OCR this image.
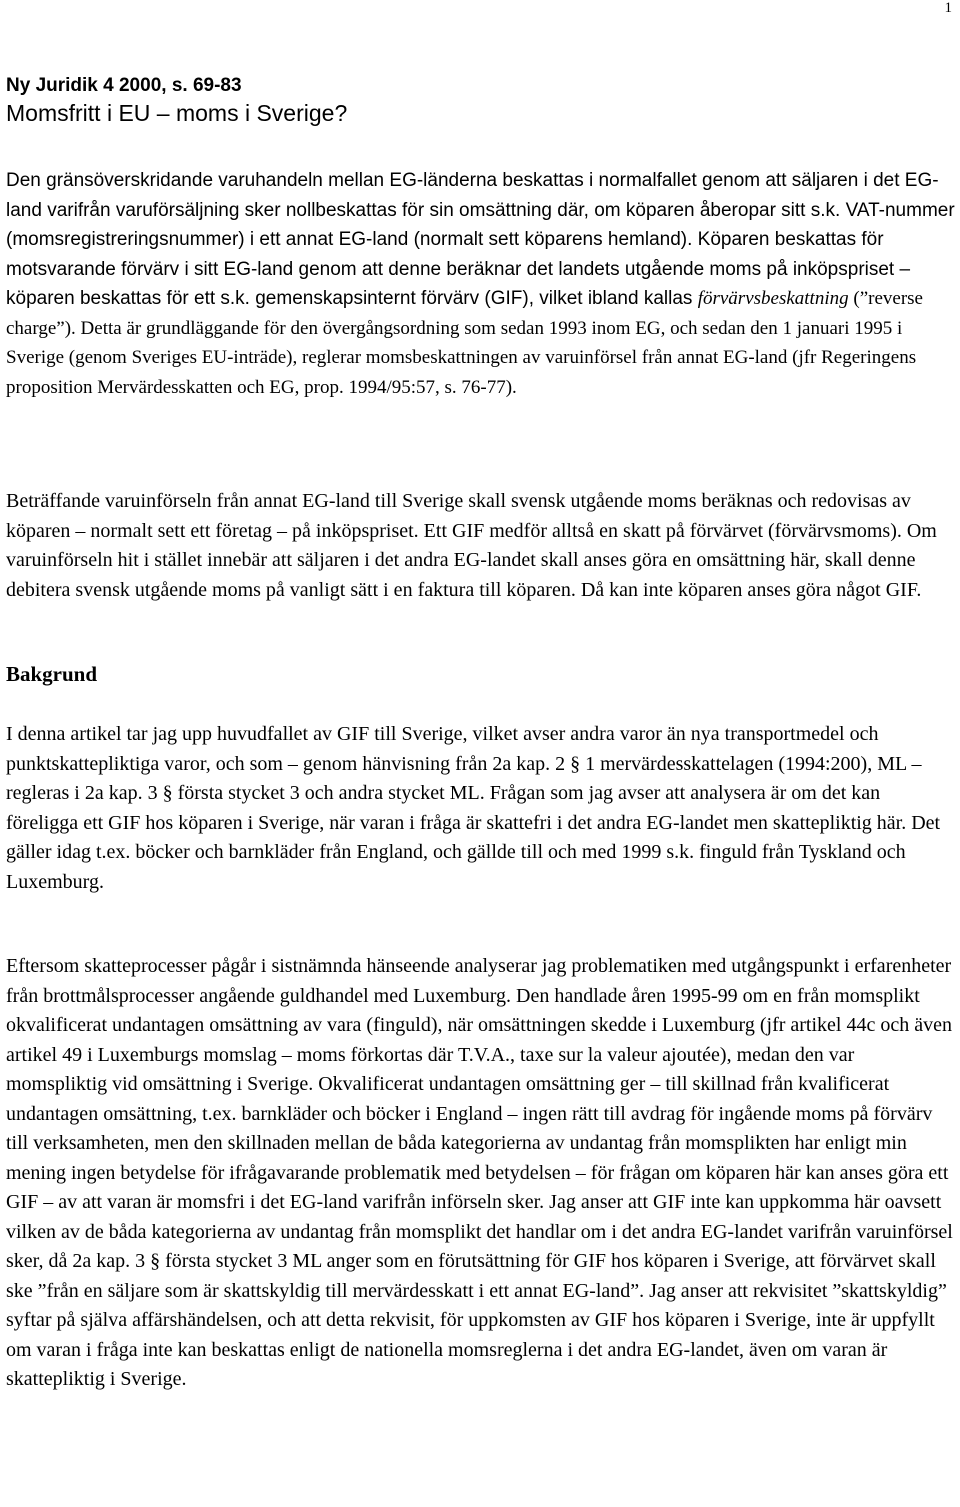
1
Ny Juridik 4 2000, s. 69-83
Momsfritt i EU – moms i Sverige?

Den gränsöverskridande varuhandeln mellan EG-länderna beskattas i normalfallet genom att säljaren i det EG-land varifrån varuförsäljning sker nollbeskattas för sin omsättning där, om köparen åberopar sitt s.k. VAT-nummer (momsregistreringsnummer) i ett annat EG-land (normalt sett köparens hemland). Köparen beskattas för motsvarande förvärv i sitt EG-land genom att denne beräknar det landets utgående moms på inköpspriset – köparen beskattas för ett s.k. gemenskapsinternt förvärv (GIF), vilket ibland kallas förvärvsbeskattning (”reverse charge”). Detta är grundläggande för den övergångsordning som sedan 1993 inom EG, och sedan den 1 januari 1995 i Sverige (genom Sveriges EU-inträde), reglerar momsbeskattningen av varuinförsel från annat EG-land (jfr Regeringens proposition Mervärdesskatten och EG, prop. 1994/95:57, s. 76-77).

Beträffande varuinförseln från annat EG-land till Sverige skall svensk utgående moms beräknas och redovisas av köparen – normalt sett ett företag – på inköpspriset. Ett GIF medför alltså en skatt på förvärvet (förvärvsmoms). Om varuinförseln hit i stället innebär att säljaren i det andra EG-landet skall anses göra en omsättning här, skall denne debitera svensk utgående moms på vanligt sätt i en faktura till köparen. Då kan inte köparen anses göra något GIF.

Bakgrund

I denna artikel tar jag upp huvudfallet av GIF till Sverige, vilket avser andra varor än nya transportmedel och punktskattepliktiga varor, och som – genom hänvisning från 2a kap. 2 § 1 mervärdesskattelagen (1994:200), ML – regleras i 2a kap. 3 § första stycket 3 och andra stycket ML. Frågan som jag avser att analysera är om det kan föreligga ett GIF hos köparen i Sverige, när varan i fråga är skattefri i det andra EG-landet men skattepliktig här. Det gäller idag t.ex. böcker och barnkläder från England, och gällde till och med 1999 s.k. finguld från Tyskland och Luxemburg.

Eftersom skatteprocesser pågår i sistnämnda hänseende analyserar jag problematiken med utgångspunkt i erfarenheter från brottmålsprocesser angående guldhandel med Luxemburg. Den handlade åren 1995-99 om en från momsplikt okvalificerat undantagen omsättning av vara (finguld), när omsättningen skedde i Luxemburg (jfr artikel 44c och även artikel 49 i Luxemburgs momslag – moms förkortas där T.V.A., taxe sur la valeur ajoutée), medan den var momspliktig vid omsättning i Sverige. Okvalificerat undantagen omsättning ger – till skillnad från kvalificerat undantagen omsättning, t.ex. barnkläder och böcker i England – ingen rätt till avdrag för ingående moms på förvärv till verksamheten, men den skillnaden mellan de båda kategorierna av undantag från momsplikten har enligt min mening ingen betydelse för ifrågavarande problematik med betydelsen – för frågan om köparen här kan anses göra ett GIF – av att varan är momsfri i det EG-land varifrån införseln sker. Jag anser att GIF inte kan uppkomma här oavsett vilken av de båda kategorierna av undantag från momsplikt det handlar om i det andra EG-landet varifrån varuinförsel sker, då 2a kap. 3 § första stycket 3 ML anger som en förutsättning för GIF hos köparen i Sverige, att förvärvet skall ske ”från en säljare som är skattskyldig till mervärdesskatt i ett annat EG-land”. Jag anser att rekvisitet ”skattskyldig” syftar på själva affärshändelsen, och att detta rekvisit, för uppkomsten av GIF hos köparen i Sverige, inte är uppfyllt om varan i fråga inte kan beskattas enligt de nationella momsreglerna i det andra EG-landet, även om varan är skattepliktig i Sverige.
